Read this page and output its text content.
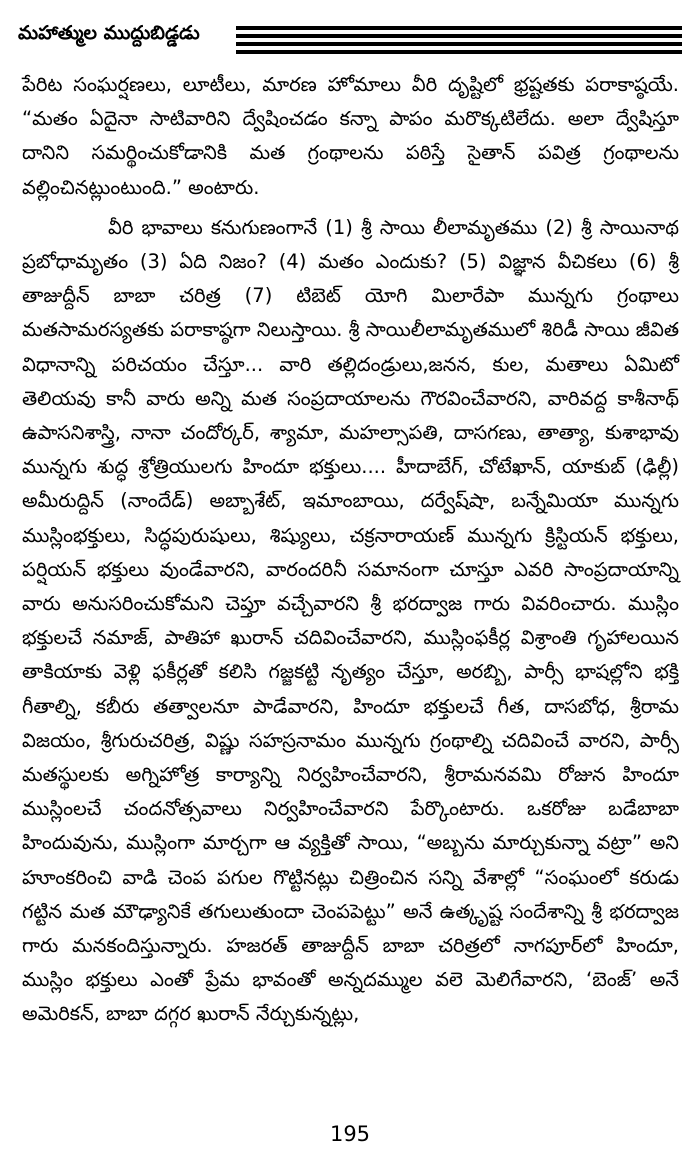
మహాత్ముల ముద్దుబిడ్డడు

పేరిట సంఘర్షణలు, లూటీలు, మారణ హోమాలు వీరి దృష్టిలో భ్రష్టతకు పరాకాష్ఠయే. “మతం ఏదైనా సాటివారిని ద్వేషించడం కన్నా పాపం మరొక్కటిలేదు. అలా ద్వేషిస్తూ దానిని సమర్థించుకోడానికి మత గ్రంథాలను పఠిస్తే సైతాన్ పవిత్ర గ్రంథాలను వల్లించినట్లుంటుంది.” అంటారు.

వీరి భావాలు కనుగుణంగానే (1) శ్రీ సాయి లీలామృతము (2) శ్రీ సాయినాథ ప్రబోధామృతం (3) ఏది నిజం? (4) మతం ఎందుకు? (5) విజ్ఞాన వీచికలు (6) శ్రీ తాజుద్దీన్ బాబా చరిత్ర (7) టిబెట్ యోగి మిలారేపా మున్నగు గ్రంథాలు మతసామరస్యతకు పరాకాష్ఠగా నిలుస్తాయి. శ్రీ సాయిలీలామృతములో శిరిడీ సాయి జీవిత విధానాన్ని పరిచయం చేస్తూ... వారి తల్లిదండ్రులు,జనన, కుల, మతాలు ఏమిటో తెలియవు కానీ వారు అన్ని మత సంప్రదాయాలను గౌరవించేవారని, వారివద్ద కాశీనాథ్ ఉపాసనిశాస్త్రి, నానా చందోర్కర్, శ్యామా, మహల్సాపతి, దాసగణు, తాత్యా, కుశాభావు మున్నగు శుద్ధ శ్రోత్రియులగు హిందూ భక్తులు.... హీదాబేగ్, చోటేఖాన్, యాకుబ్ (ఢిల్లీ) అమీరుద్దిన్ (నాందేడ్) అబ్బాశేట్, ఇమాంబాయి, దర్వేష్‌షా, బన్నేమియా మున్నగు ముస్లింభక్తులు, సిద్ధపురుషులు, శిష్యులు, చక్రనారాయణ్ మున్నగు క్రిస్టియన్ భక్తులు, పర్షియన్ భక్తులు వుండేవారని, వారందరినీ సమానంగా చూస్తూ ఎవరి సాంప్రదాయాన్ని వారు అనుసరించుకోమని చెప్తూ వచ్చేవారని శ్రీ భరద్వాజ గారు వివరించారు. ముస్లిం భక్తులచే నమాజ్, పాతిహా ఖురాన్ చదివించేవారని, ముస్లింఫకీర్ల విశ్రాంతి గృహాలయిన తాకియాకు వెళ్లి ఫకీర్లతో కలిసి గజ్జకట్టి నృత్యం చేస్తూ, అరబ్బి, పార్సీ భాషల్లోని భక్తి గీతాల్ని, కబీరు తత్వాలనూ పాడేవారని, హిందూ భక్తులచే గీత, దాసబోధ, శ్రీరామ విజయం, శ్రీగురుచరిత్ర, విష్ణు సహస్రనామం మున్నగు గ్రంథాల్ని చదివించే వారని, పార్సీ మతస్థులకు అగ్నిహోత్ర కార్యాన్ని నిర్వహించేవారని, శ్రీరామనవమి రోజున హిందూ ముస్లింలచే చందనోత్సవాలు నిర్వహించేవారని పేర్కొంటారు. ఒకరోజు బడేబాబా హిందువును, ముస్లింగా మార్చగా ఆ వ్యక్తితో సాయి, “అబ్బను మార్చుకున్నా వట్రా” అని హూంకరించి వాడి చెంప పగుల గొట్టినట్లు చిత్రించిన సన్ని వేశాల్లో “సంఘంలో కరుడు గట్టిన మత మౌఢ్యానికే తగులుతుందా చెంపపెట్టు” అనే ఉత్కృష్ట సందేశాన్ని శ్రీ భరద్వాజ గారు మనకందిస్తున్నారు. హజరత్ తాజుద్దీన్ బాబా చరిత్రలో నాగపూర్‌లో హిందూ, ముస్లిం భక్తులు ఎంతో ప్రేమ భావంతో అన్నదమ్ముల వలె మెలిగేవారని, ‘బెంజ్’ అనే అమెరికన్, బాబా దగ్గర ఖురాన్ నేర్చుకున్నట్లు,

195
